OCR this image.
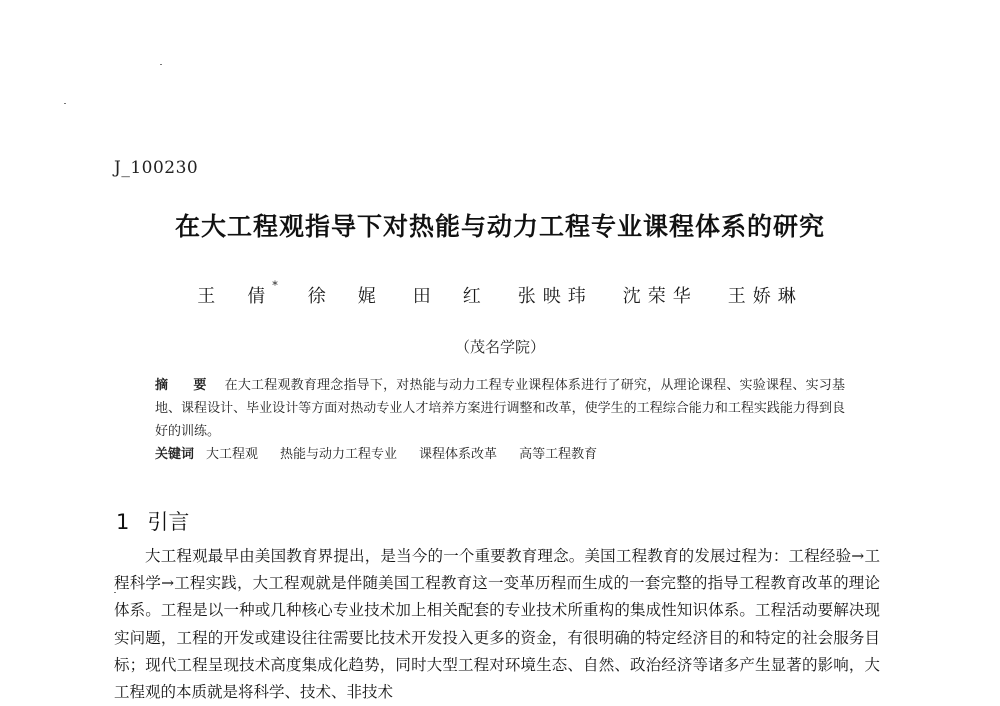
J_100230
在大工程观指导下对热能与动力工程专业课程体系的研究
王　倩*徐　娓 田　红 张映玮 沈荣华 王娇琳
（茂名学院）
摘　要 在大工程观教育理念指导下，对热能与动力工程专业课程体系进行了研究，从理论课程、实验课程、实习基地、课程设计、毕业设计等方面对热动专业人才培养方案进行调整和改革，使学生的工程综合能力和工程实践能力得到良好的训练。
关键词 大工程观 热能与动力工程专业 课程体系改革 高等工程教育
1 引言
大工程观最早由美国教育界提出，是当今的一个重要教育理念。美国工程教育的发展过程为：工程经验→工程科学→工程实践，大工程观就是伴随美国工程教育这一变革历程而生成的一套完整的指导工程教育改革的理论体系。工程是以一种或几种核心专业技术加上相关配套的专业技术所重构的集成性知识体系。工程活动要解决现实问题，工程的开发或建设往往需要比技术开发投入更多的资金，有很明确的特定经济目的和特定的社会服务目标；现代工程呈现技术高度集成化趋势，同时大型工程对环境生态、自然、政治经济等诸多产生显著的影响，大工程观的本质就是将科学、技术、非技术
